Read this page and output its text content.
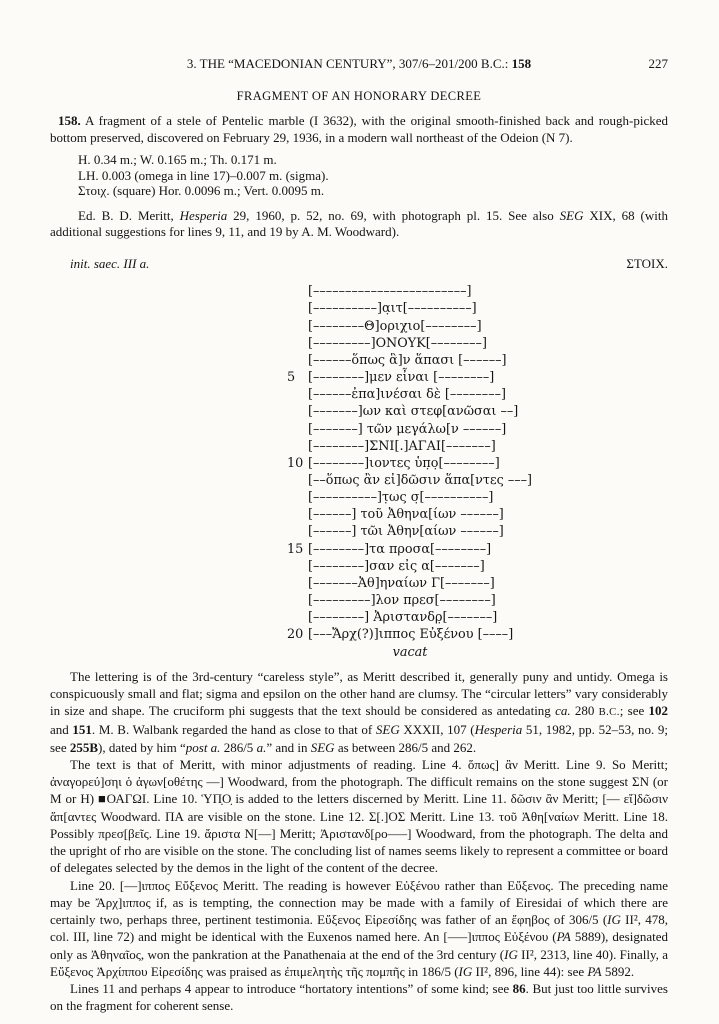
3. THE “MACEDONIAN CENTURY”, 307/6–201/200 B.C.: 158	227
FRAGMENT OF AN HONORARY DECREE

158. A fragment of a stele of Pentelic marble (I 3632), with the original smooth-finished back and rough-picked bottom preserved, discovered on February 29, 1936, in a modern wall northeast of the Odeion (N 7).

H. 0.34 m.; W. 0.165 m.; Th. 0.171 m.
LH. 0.003 (omega in line 17)–0.007 m. (sigma).
Στοιχ. (square) Hor. 0.0096 m.; Vert. 0.0095 m.

Ed. B. D. Meritt, Hesperia 29, 1960, p. 52, no. 69, with photograph pl. 15. See also SEG XIX, 68 (with additional suggestions for lines 9, 11, and 19 by A. M. Woodward).

init. saec. III a.	ΣΤΟΙΧ.
[––––––––––––––––––––––––]
[––––––––––]α̣ιτ[––––––––––]
[––––––––Θ]οριχιο[––––––––]
[–––––––––]ΟΝΟΥΚ[––––––––]
[––––––ὅπως ἃ]ν ἅπασι [––––––]
5	[––––––––]μεν εἶναι [––––––––]
[––––––ἐπα]ινέσαι δὲ [––––––––]
[–––––––]ων καὶ στεφ[ανῶσαι ––]
[–––––––] τῶν μεγάλω[ν ––––––]
[––––––––]ΣΝΙ[.]ΑΓΑΙ[–––––––]
10 [––––––––]ιοντες ὑπ̣ο̣[––––––––]
[––ὅπως ἂν εἰ]δῶσιν ἅπα[ντες –––]
[––––––––––]τ̣ως σ̣[––––––––––]
[––––––] τοῦ Ἀθηνα[ίων ––––––]
[––––––] τῶι Ἀθην[αίων ––––––]
15 [––––––––]τα προσα[––––––––]
[––––––––]σαν εἰς α[–––––––]
[–––––––Ἀθ]ηναίων Γ[–––––––]
[–––––––––]λον πρεσ[––––––––]
[––––––––] Ἀριστανδρ̣[–––––––]
20 [–––Ἄρχ(?)]ιππος Εὐξένου [––––]
vacat

The lettering is of the 3rd-century “careless style”, as Meritt described it, generally puny and untidy. Omega is conspicuously small and flat; sigma and epsilon on the other hand are clumsy. The “circular letters” vary considerably in size and shape. The cruciform phi suggests that the text should be considered as antedating ca. 280 B.C.; see 102 and 151. M. B. Walbank regarded the hand as close to that of SEG XXXII, 107 (Hesperia 51, 1982, pp. 52–53, no. 9; see 255B), dated by him “post a. 286/5 a.” and in SEG as between 286/5 and 262.

The text is that of Meritt, with minor adjustments of reading. Line 4. ὅπως] ἂν Meritt. Line 9. So Meritt; ἀναγορεύ]σηι ὁ ἀγων[οθέτης ––] Woodward, from the photograph. The difficult remains on the stone suggest ΣΝ (or Μ or Η) ■ΟΑΓΩΙ. Line 10. ὙΠ̣Ο̣ is added to the letters discerned by Meritt. Line 11. δῶσιν ἂν Meritt; [–– εἴ]δῶσιν ἅπ[αντες Woodward. ΠΑ are visible on the stone. Line 12. Σ[.]ΟΣ Meritt. Line 13. τοῦ Ἀθη[ναίων Meritt. Line 18. Possibly πρεσ[βεῖς. Line 19. ἄριστα Ν[––] Meritt; Ἀριστανδ[ρο–––] Woodward, from the photograph. The delta and the upright of rho are visible on the stone. The concluding list of names seems likely to represent a committee or board of delegates selected by the demos in the light of the content of the decree.

Line 20. [––]ιππος Εὔξενος Meritt. The reading is however Εὐξένου rather than Εὔξενος. The preceding name may be Ἄρχ]ιππος if, as is tempting, the connection may be made with a family of Eiresidai of which there are certainly two, perhaps three, pertinent testimonia. Εὔξενος Εἰρεσίδης was father of an ἔφηβος of 306/5 (IG II², 478, col. III, line 72) and might be identical with the Euxenos named here. An [–––]ιππος Εὐξένου (PA 5889), designated only as Ἀθηναῖος, won the pankration at the Panathenaia at the end of the 3rd century (IG II², 2313, line 40). Finally, a Εὔξενος Ἀρχίππου Εἰρεσίδης was praised as ἐπιμελητὴς τῆς πομπῆς in 186/5 (IG II², 896, line 44): see PA 5892.

Lines 11 and perhaps 4 appear to introduce “hortatory intentions” of some kind; see 86. But just too little survives on the fragment for coherent sense.
